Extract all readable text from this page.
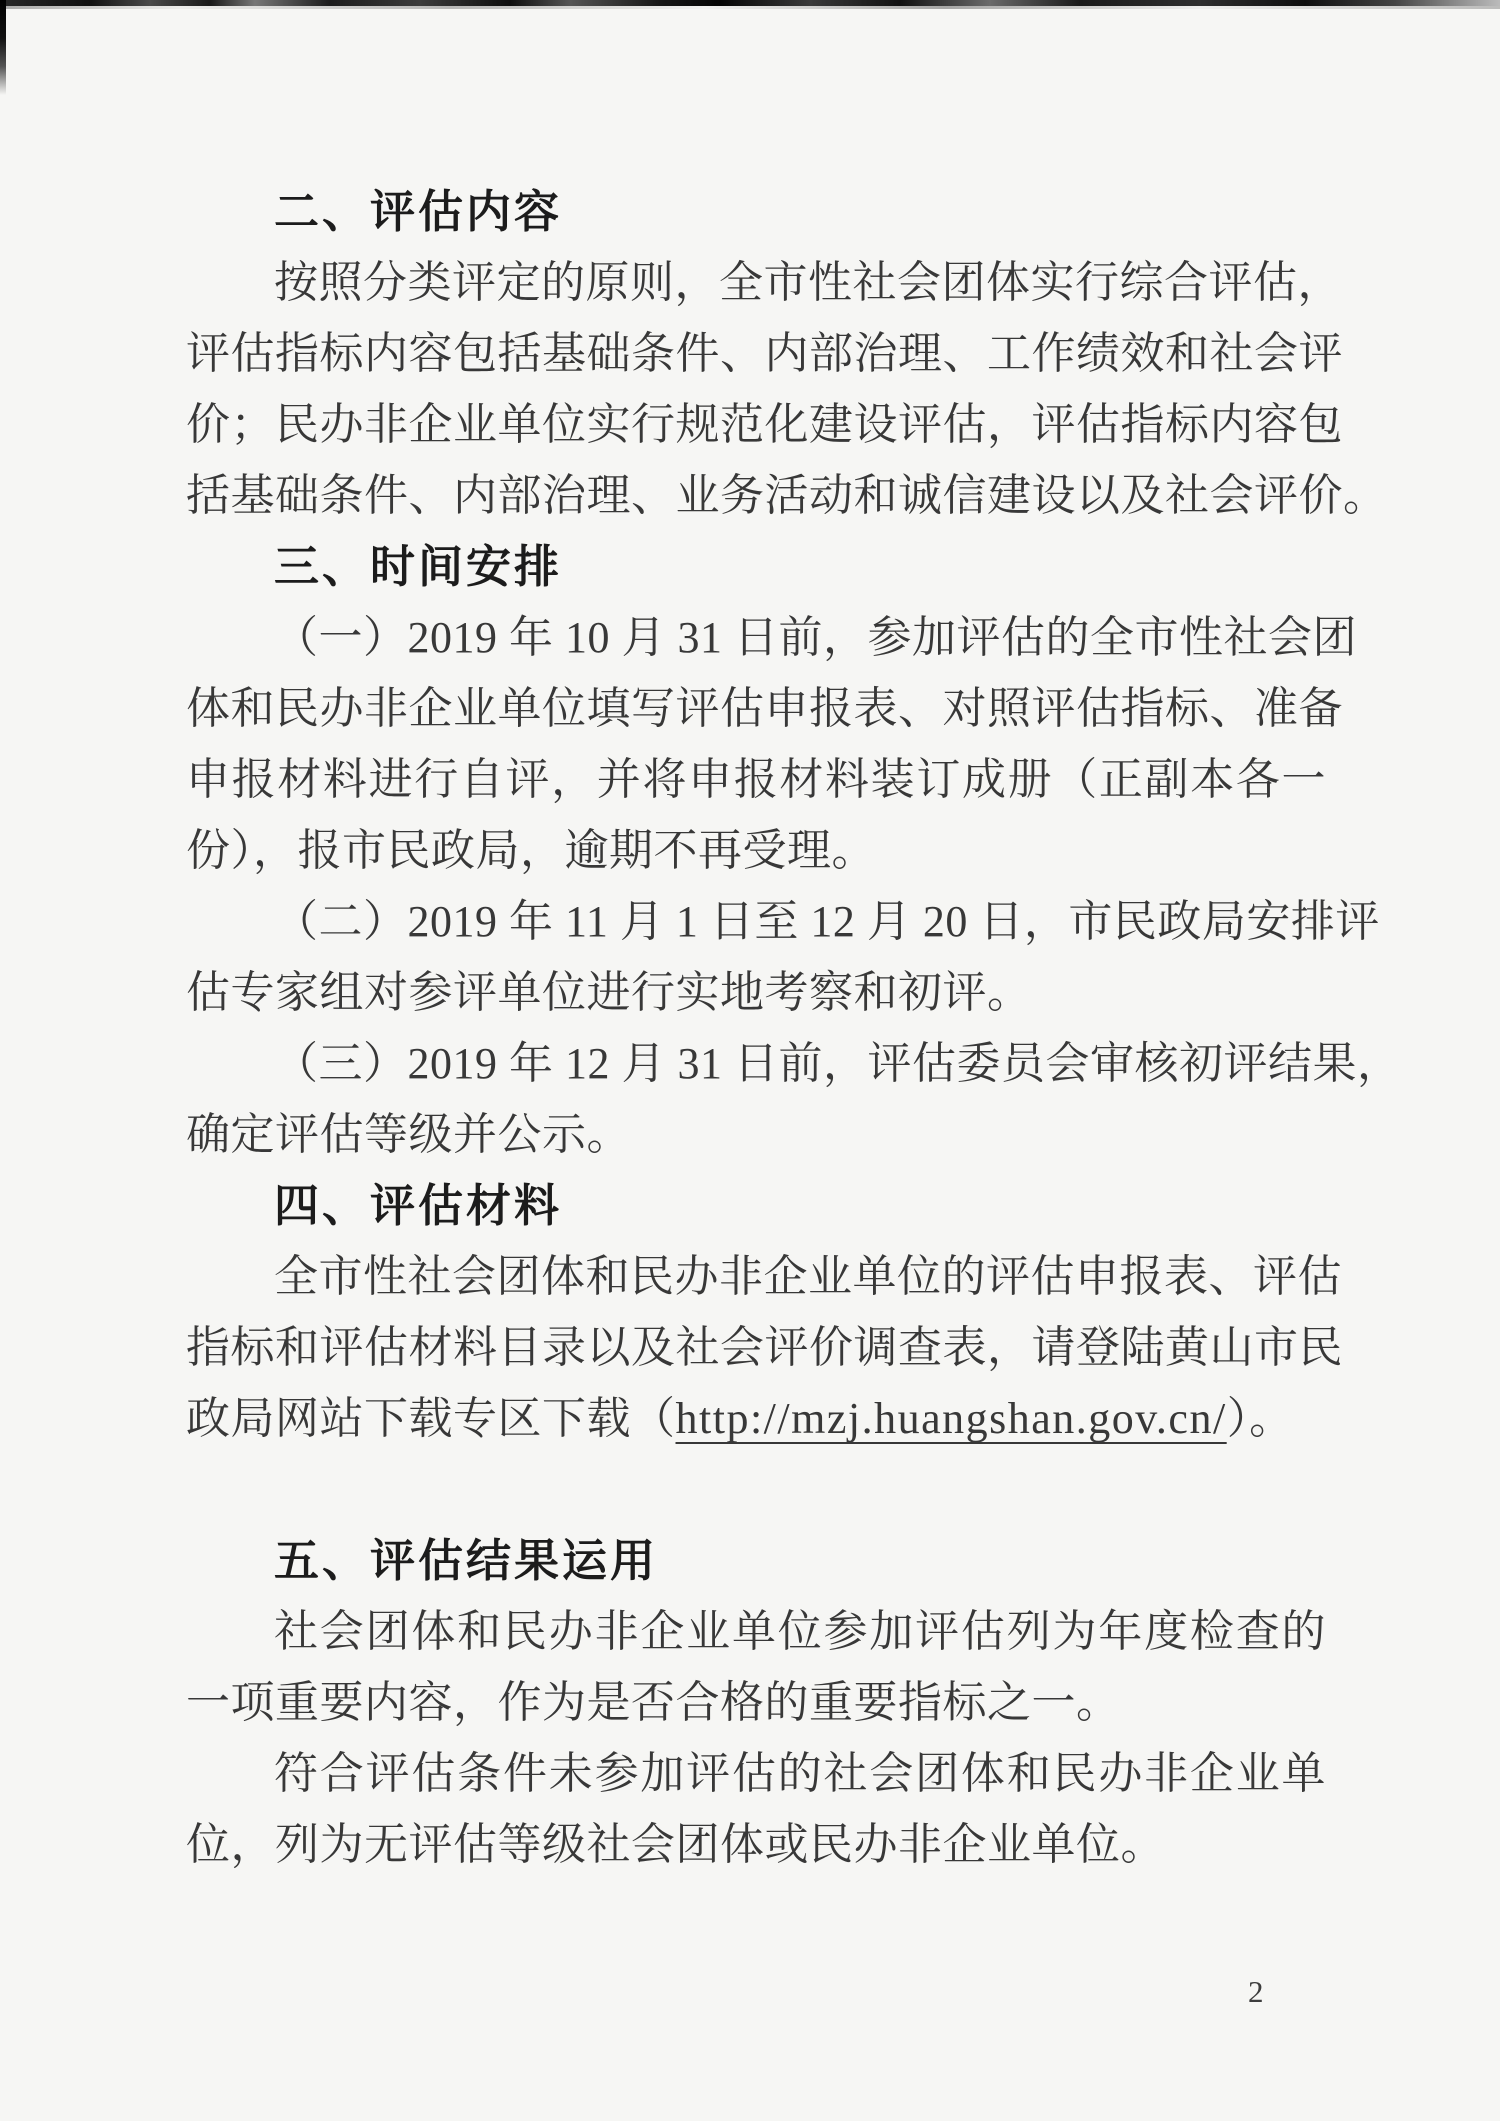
二、评估内容
按照分类评定的原则，全市性社会团体实行综合评估，
评估指标内容包括基础条件、内部治理、工作绩效和社会评
价；民办非企业单位实行规范化建设评估，评估指标内容包
括基础条件、内部治理、业务活动和诚信建设以及社会评价。
三、时间安排
（一）2019 年 10 月 31 日前，参加评估的全市性社会团
体和民办非企业单位填写评估申报表、对照评估指标、准备
申报材料进行自评，并将申报材料装订成册（正副本各一
份），报市民政局，逾期不再受理。
（二）2019 年 11 月 1 日至 12 月 20 日，市民政局安排评
估专家组对参评单位进行实地考察和初评。
（三）2019 年 12 月 31 日前，评估委员会审核初评结果，
确定评估等级并公示。
四、评估材料
全市性社会团体和民办非企业单位的评估申报表、评估
指标和评估材料目录以及社会评价调查表，请登陆黄山市民
政局网站下载专区下载（http://mzj.huangshan.gov.cn/）。
五、评估结果运用
社会团体和民办非企业单位参加评估列为年度检查的
一项重要内容，作为是否合格的重要指标之一。
符合评估条件未参加评估的社会团体和民办非企业单
位，列为无评估等级社会团体或民办非企业单位。
2
